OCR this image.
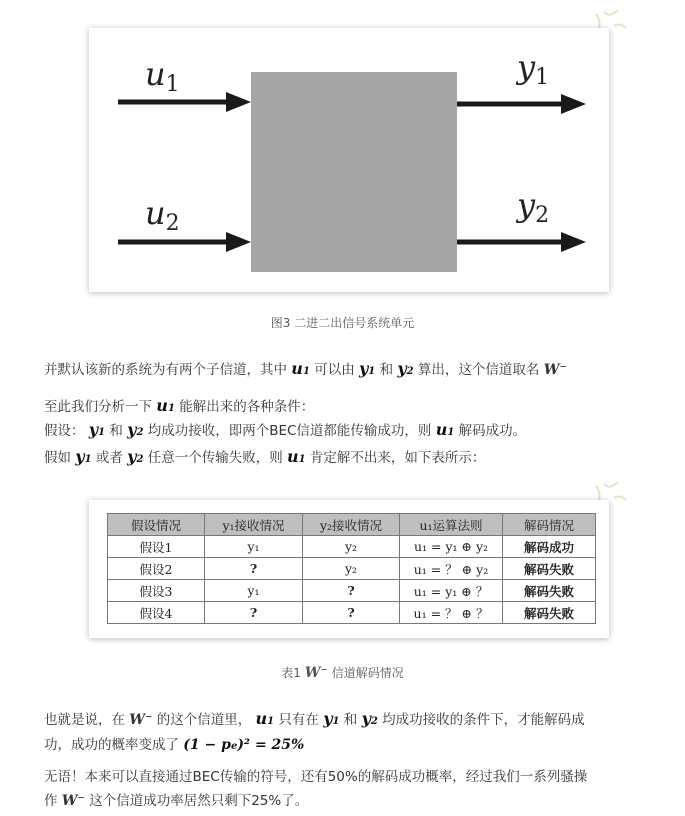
u1
u2
y1
y2
图3 二进二出信号系统单元
并默认该新的系统为有两个子信道，其中 u1 可以由 y1 和 y2 算出，这个信道取名 W⁻
至此我们分析一下 u1 能解出来的各种条件：
假设： y1 和 y2 均成功接收，即两个BEC信道都能传输成功，则 u1 解码成功。
假如 y1 或者 y2 任意一个传输失败，则 u1 肯定解不出来，如下表所示：
假设情况	y₁接收情况	y₂接收情况	u₁运算法则	解码情况
假设1	y₁	y₂	u₁ = y₁ ⊕ y₂	解码成功
假设2	?	y₂	u₁ = ？ ⊕ y₂	解码失败
假设3	y₁	?	u₁ = y₁ ⊕ ？	解码失败
假设4	?	?	u₁ = ？ ⊕ ？	解码失败
表1 W⁻ 信道解码情况
也就是说，在 W⁻ 的这个信道里， u1 只有在 y1 和 y2 均成功接收的条件下，才能解码成
功，成功的概率变成了 (1 − pe)² = 25%
无语！本来可以直接通过BEC传输的符号，还有50%的解码成功概率，经过我们一系列骚操
作 W⁻ 这个信道成功率居然只剩下25%了。
